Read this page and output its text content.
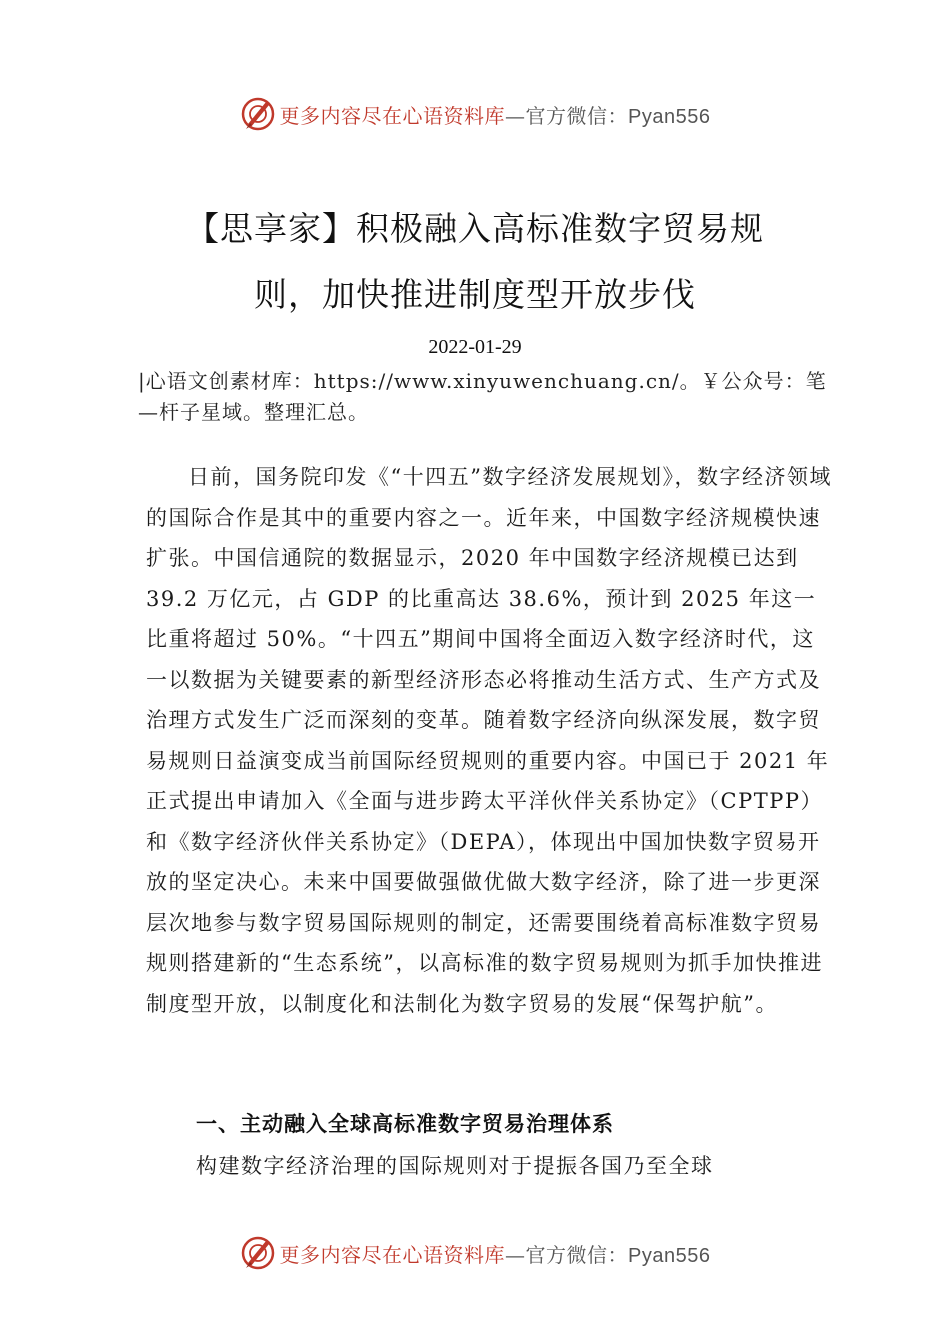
更多内容尽在心语资料库—官方微信：Pyan556
【思享家】积极融入高标准数字贸易规
则，加快推进制度型开放步伐
2022-01-29
|心语文创素材库：https://www.xinyuwenchuang.cn/。￥公众号：笔—杆子星域。整理汇总。

日前，国务院印发《“十四五”数字经济发展规划》，数字经济领域的国际合作是其中的重要内容之一。近年来，中国数字经济规模快速扩张。中国信通院的数据显示，2020 年中国数字经济规模已达到 39.2 万亿元，占 GDP 的比重高达 38.6%，预计到 2025 年这一比重将超过 50%。“十四五”期间中国将全面迈入数字经济时代，这一以数据为关键要素的新型经济形态必将推动生活方式、生产方式及治理方式发生广泛而深刻的变革。随着数字经济向纵深发展，数字贸易规则日益演变成当前国际经贸规则的重要内容。中国已于 2021 年正式提出申请加入《全面与进步跨太平洋伙伴关系协定》（CPTPP）和《数字经济伙伴关系协定》（DEPA），体现出中国加快数字贸易开放的坚定决心。未来中国要做强做优做大数字经济，除了进一步更深层次地参与数字贸易国际规则的制定，还需要围绕着高标准数字贸易规则搭建新的“生态系统”，以高标准的数字贸易规则为抓手加快推进制度型开放，以制度化和法制化为数字贸易的发展“保驾护航”。

一、主动融入全球高标准数字贸易治理体系
构建数字经济治理的国际规则对于提振各国乃至全球
更多内容尽在心语资料库—官方微信：Pyan556
